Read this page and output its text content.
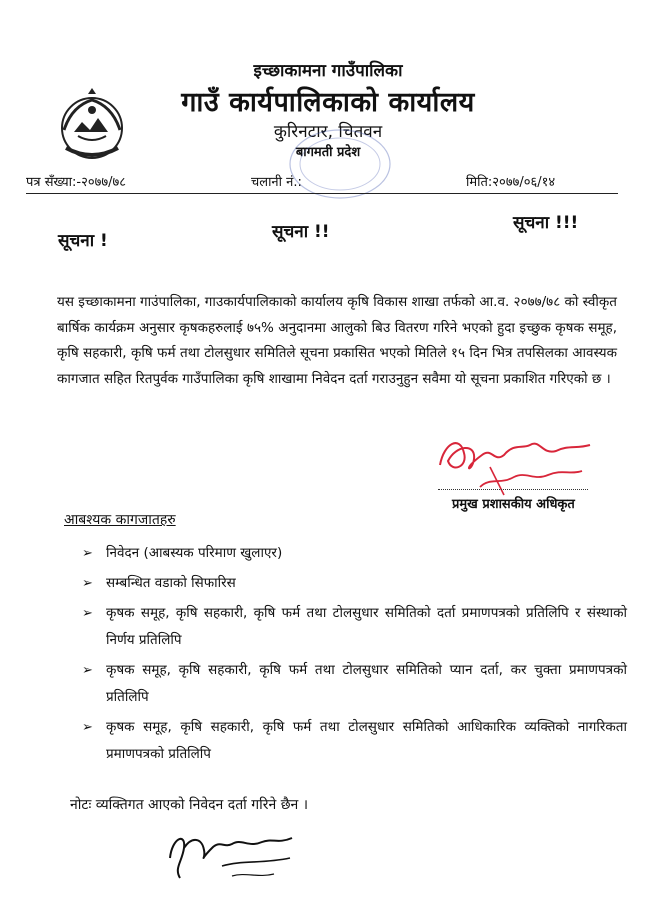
इच्छाकामना गाउँपालिका
गाउँ कार्यपालिकाको कार्यालय
कुरिनटार, चितवन
बागमती प्रदेश
पत्र सँख्या:-२०७७/७८	चलानी नं.:	मिति:२०७७/०६/१४
सूचना !	सूचना !!	सूचना !!!
यस इच्छाकामना गाउंपालिका, गाउकार्यपालिकाको कार्यालय कृषि विकास शाखा तर्फको आ.व. २०७७/७८ को स्वीकृत बार्षिक कार्यक्रम अनुसार कृषकहरुलाई ७५% अनुदानमा आलुको बिउ वितरण गरिने भएको हुदा इच्छुक कृषक समूह, कृषि सहकारी, कृषि फर्म तथा टोलसुधार समितिले सूचना प्रकासित भएको मितिले १५ दिन भित्र तपसिलका आवस्यक कागजात सहित रितपुर्वक गाउँपालिका कृषि शाखामा निवेदन दर्ता गराउनुहुन सवैमा यो सूचना प्रकाशित गरिएको छ ।
प्रमुख प्रशासकीय अधिकृत
आबश्यक कागजातहरु
➢ निवेदन (आबस्यक परिमाण खुलाएर)
➢ सम्बन्धित वडाको सिफारिस
➢ कृषक समूह, कृषि सहकारी, कृषि फर्म तथा टोलसुधार समितिको दर्ता प्रमाणपत्रको प्रतिलिपि र संस्थाको निर्णय प्रतिलिपि
➢ कृषक समूह, कृषि सहकारी, कृषि फर्म तथा टोलसुधार समितिको प्यान दर्ता, कर चुक्ता प्रमाणपत्रको प्रतिलिपि
➢ कृषक समूह, कृषि सहकारी, कृषि फर्म तथा टोलसुधार समितिको आधिकारिक व्यक्तिको नागरिकता प्रमाणपत्रको प्रतिलिपि
नोटः व्यक्तिगत आएको निवेदन दर्ता गरिने छैन ।
